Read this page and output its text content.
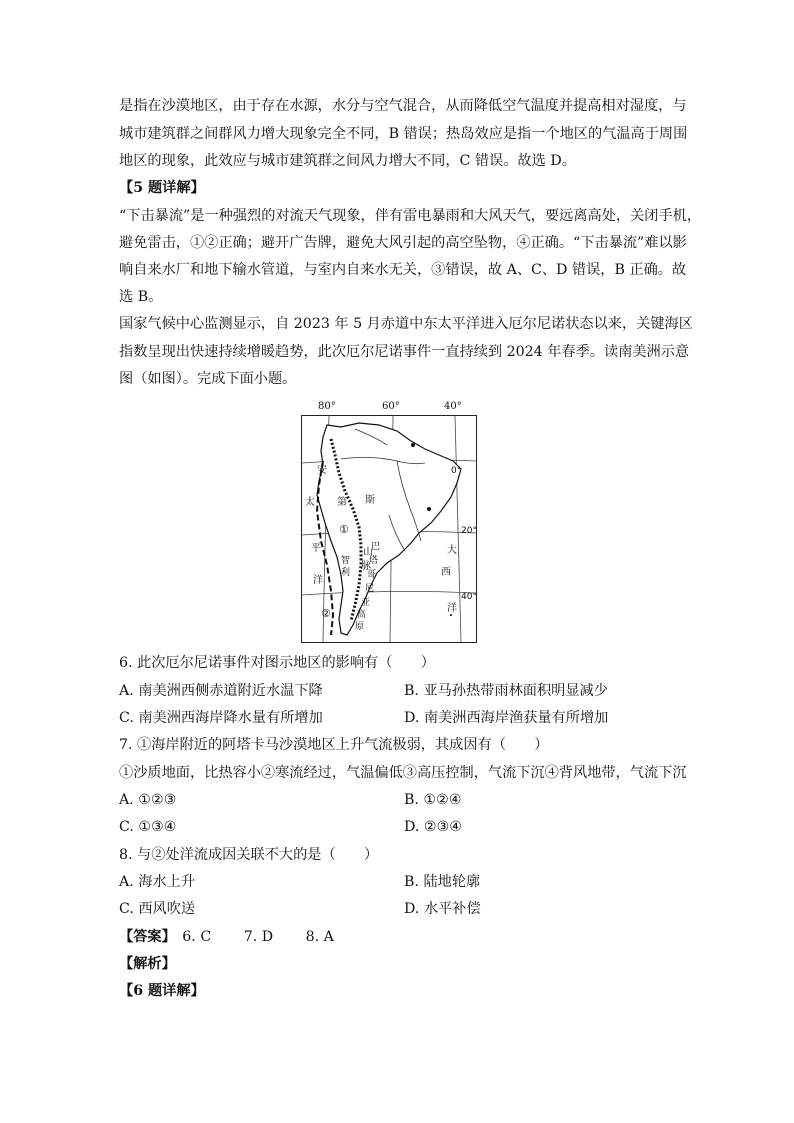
是指在沙漠地区，由于存在水源，水分与空气混合，从而降低空气温度并提高相对湿度，与
城市建筑群之间群风力增大现象完全不同，B 错误；热岛效应是指一个地区的气温高于周围
地区的现象，此效应与城市建筑群之间风力增大不同，C 错误。故选 D。
【5 题详解】
“下击暴流”是一种强烈的对流天气现象，伴有雷电暴雨和大风天气，要远离高处，关闭手机，
避免雷击，①②正确；避开广告牌，避免大风引起的高空坠物，④正确。“下击暴流”难以影
响自来水厂和地下输水管道，与室内自来水无关，③错误，故 A、C、D 错误，B 正确。故
选 B。
国家气候中心监测显示，自 2023 年 5 月赤道中东太平洋进入厄尔尼诺状态以来，关键海区
指数呈现出快速持续增暖趋势，此次厄尔尼诺事件一直持续到 2024 年春季。读南美洲示意
图（如图）。完成下面小题。
0°
20°
40°
安
第 斯
山
脉
太
平
洋
大
西
洋
智
利
巴
塔
哥
尼
亚
高
原
①
②
80°	60°	40°
6. 此次厄尔尼诺事件对图示地区的影响有（　　）
A. 南美洲西侧赤道附近水温下降	B. 亚马孙热带雨林面积明显减少
C. 南美洲西海岸降水量有所增加	D. 南美洲西海岸渔获量有所增加
7. ①海岸附近的阿塔卡马沙漠地区上升气流极弱，其成因有（　　）
①沙质地面，比热容小②寒流经过，气温偏低③高压控制，气流下沉④背风地带，气流下沉
A. ①②③	B. ①②④
C. ①③④	D. ②③④
8. 与②处洋流成因关联不大的是（　　）
A. 海水上升	B. 陆地轮廓
C. 西风吹送	D. 水平补偿
【答案】 6. C 7. D 8. A
【解析】
【6 题详解】
